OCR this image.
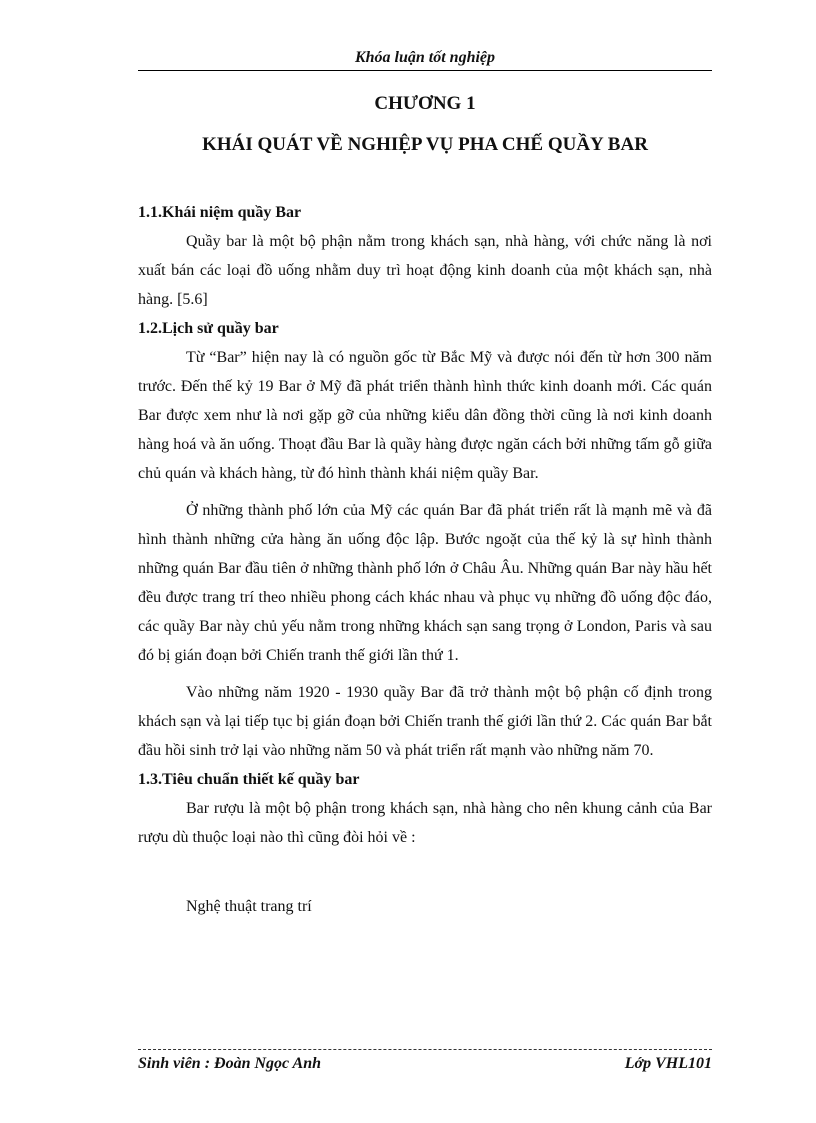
Khóa luận tốt nghiệp
CHƯƠNG 1
KHÁI QUÁT VỀ NGHIỆP VỤ PHA CHẾ QUẦY BAR

1.1.Khái niệm quầy Bar

Quầy bar là một bộ phận nằm trong khách sạn, nhà hàng, với chức năng là nơi xuất bán các loại đồ uống nhằm duy trì hoạt động kinh doanh của một khách sạn, nhà hàng. [5.6]

1.2.Lịch sử quầy bar

Từ “Bar” hiện nay là có nguồn gốc từ Bắc Mỹ và được nói đến từ hơn 300 năm trước. Đến thế kỷ 19 Bar ở Mỹ đã phát triển thành hình thức kinh doanh mới. Các quán Bar được xem như là nơi gặp gỡ của những kiểu dân đồng thời cũng là nơi kinh doanh hàng hoá và ăn uống. Thoạt đầu Bar là quầy hàng được ngăn cách bởi những tấm gỗ giữa chủ quán và khách hàng, từ đó hình thành khái niệm quầy Bar.

Ở những thành phố lớn của Mỹ các quán Bar đã phát triển rất là mạnh mẽ và đã hình thành những cửa hàng ăn uống độc lập. Bước ngoặt của thế kỷ là sự hình thành những quán Bar đầu tiên ở những thành phố lớn ở Châu Âu. Những quán Bar này hầu hết đều được trang trí theo nhiều phong cách khác nhau và phục vụ những đồ uống độc đáo, các quầy Bar này chủ yếu nằm trong những khách sạn sang trọng ở London, Paris và sau đó bị gián đoạn bởi Chiến tranh thế giới lần thứ 1.

Vào những năm 1920 - 1930 quầy Bar đã trở thành một bộ phận cố định trong khách sạn và lại tiếp tục bị gián đoạn bởi Chiến tranh thế giới lần thứ 2. Các quán Bar bắt đầu hồi sinh trở lại vào những năm 50 và phát triển rất mạnh vào những năm 70.

1.3.Tiêu chuẩn thiết kế quầy bar

Bar rượu là một bộ phận trong khách sạn, nhà hàng cho nên khung cảnh của Bar rượu dù thuộc loại nào thì cũng đòi hỏi về :

Nghệ thuật trang trí

Sinh viên : Đoàn Ngọc Anh	Lớp VHL101
